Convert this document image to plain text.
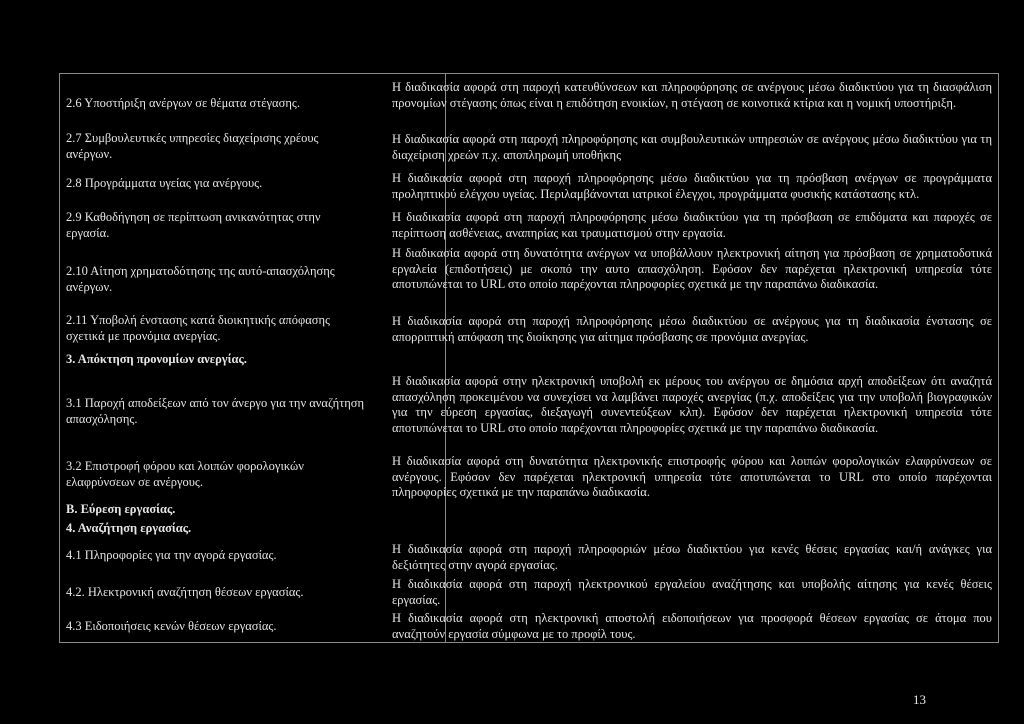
2.6 Υποστήριξη ανέργων σε θέματα στέγασης.
2.7 Συμβουλευτικές υπηρεσίες διαχείρισης χρέους ανέργων.
2.8 Προγράμματα υγείας για ανέργους.
2.9 Καθοδήγηση σε περίπτωση ανικανότητας στην εργασία.
2.10 Αίτηση χρηματοδότησης της αυτό-απασχόλησης ανέργων.
2.11 Υποβολή ένστασης κατά διοικητικής απόφασης σχετικά με προνόμια ανεργίας.
3. Απόκτηση προνομίων ανεργίας.
3.1 Παροχή αποδείξεων από τον άνεργο για την αναζήτηση απασχόλησης.
3.2 Επιστροφή φόρου και λοιπών φορολογικών ελαφρύνσεων σε ανέργους.
Β. Εύρεση εργασίας.
4. Αναζήτηση εργασίας.
4.1 Πληροφορίες για την αγορά εργασίας.
4.2. Ηλεκτρονική αναζήτηση θέσεων εργασίας.
4.3 Ειδοποιήσεις κενών θέσεων εργασίας.
Η διαδικασία αφορά στη παροχή κατευθύνσεων και πληροφόρησης σε ανέργους μέσω διαδικτύου για τη διασφάλιση προνομίων στέγασης όπως είναι η επιδότηση ενοικίων, η στέγαση σε κοινοτικά κτίρια και η νομική υποστήριξη.
Η διαδικασία αφορά στη παροχή πληροφόρησης και συμβουλευτικών υπηρεσιών σε ανέργους μέσω διαδικτύου για τη διαχείριση χρεών π.χ. αποπληρωμή υποθήκης
Η διαδικασία αφορά στη παροχή πληροφόρησης μέσω διαδικτύου για τη πρόσβαση ανέργων σε προγράμματα προληπτικού ελέγχου υγείας. Περιλαμβάνονται ιατρικοί έλεγχοι, προγράμματα φυσικής κατάστασης κτλ.
Η διαδικασία αφορά στη παροχή πληροφόρησης μέσω διαδικτύου για τη πρόσβαση σε επιδόματα και παροχές σε περίπτωση ασθένειας, αναπηρίας και τραυματισμού στην εργασία.
Η διαδικασία αφορά στη δυνατότητα ανέργων να υποβάλλουν ηλεκτρονική αίτηση για πρόσβαση σε χρηματοδοτικά εργαλεία (επιδοτήσεις) με σκοπό την αυτο απασχόληση. Εφόσον δεν παρέχεται ηλεκτρονική υπηρεσία τότε αποτυπώνεται το URL στο οποίο παρέχονται πληροφορίες σχετικά με την παραπάνω διαδικασία.
Η διαδικασία αφορά στη παροχή πληροφόρησης μέσω διαδικτύου σε ανέργους για τη διαδικασία ένστασης σε απορριπτική απόφαση της διοίκησης για αίτημα πρόσβασης σε προνόμια ανεργίας.
Η διαδικασία αφορά στην ηλεκτρονική υποβολή εκ μέρους του ανέργου σε δημόσια αρχή αποδείξεων ότι αναζητά απασχόληση προκειμένου να συνεχίσει να λαμβάνει παροχές ανεργίας (π.χ. αποδείξεις για την υποβολή βιογραφικών για την εύρεση εργασίας, διεξαγωγή συνεντεύξεων κλπ). Εφόσον δεν παρέχεται ηλεκτρονική υπηρεσία τότε αποτυπώνεται το URL στο οποίο παρέχονται πληροφορίες σχετικά με την παραπάνω διαδικασία.
Η διαδικασία αφορά στη δυνατότητα ηλεκτρονικής επιστροφής φόρου και λοιπών φορολογικών ελαφρύνσεων σε ανέργους. Εφόσον δεν παρέχεται ηλεκτρονική υπηρεσία τότε αποτυπώνεται το URL στο οποίο παρέχονται πληροφορίες σχετικά με την παραπάνω διαδικασία.
Η διαδικασία αφορά στη παροχή πληροφοριών μέσω διαδικτύου για κενές θέσεις εργασίας και/ή ανάγκες για δεξιότητες στην αγορά εργασίας.
Η διαδικασία αφορά στη παροχή ηλεκτρονικού εργαλείου αναζήτησης και υποβολής αίτησης για κενές θέσεις εργασίας.
Η διαδικασία αφορά στη ηλεκτρονική αποστολή ειδοποιήσεων για προσφορά θέσεων εργασίας σε άτομα που αναζητούν εργασία σύμφωνα με το προφίλ τους.
13
